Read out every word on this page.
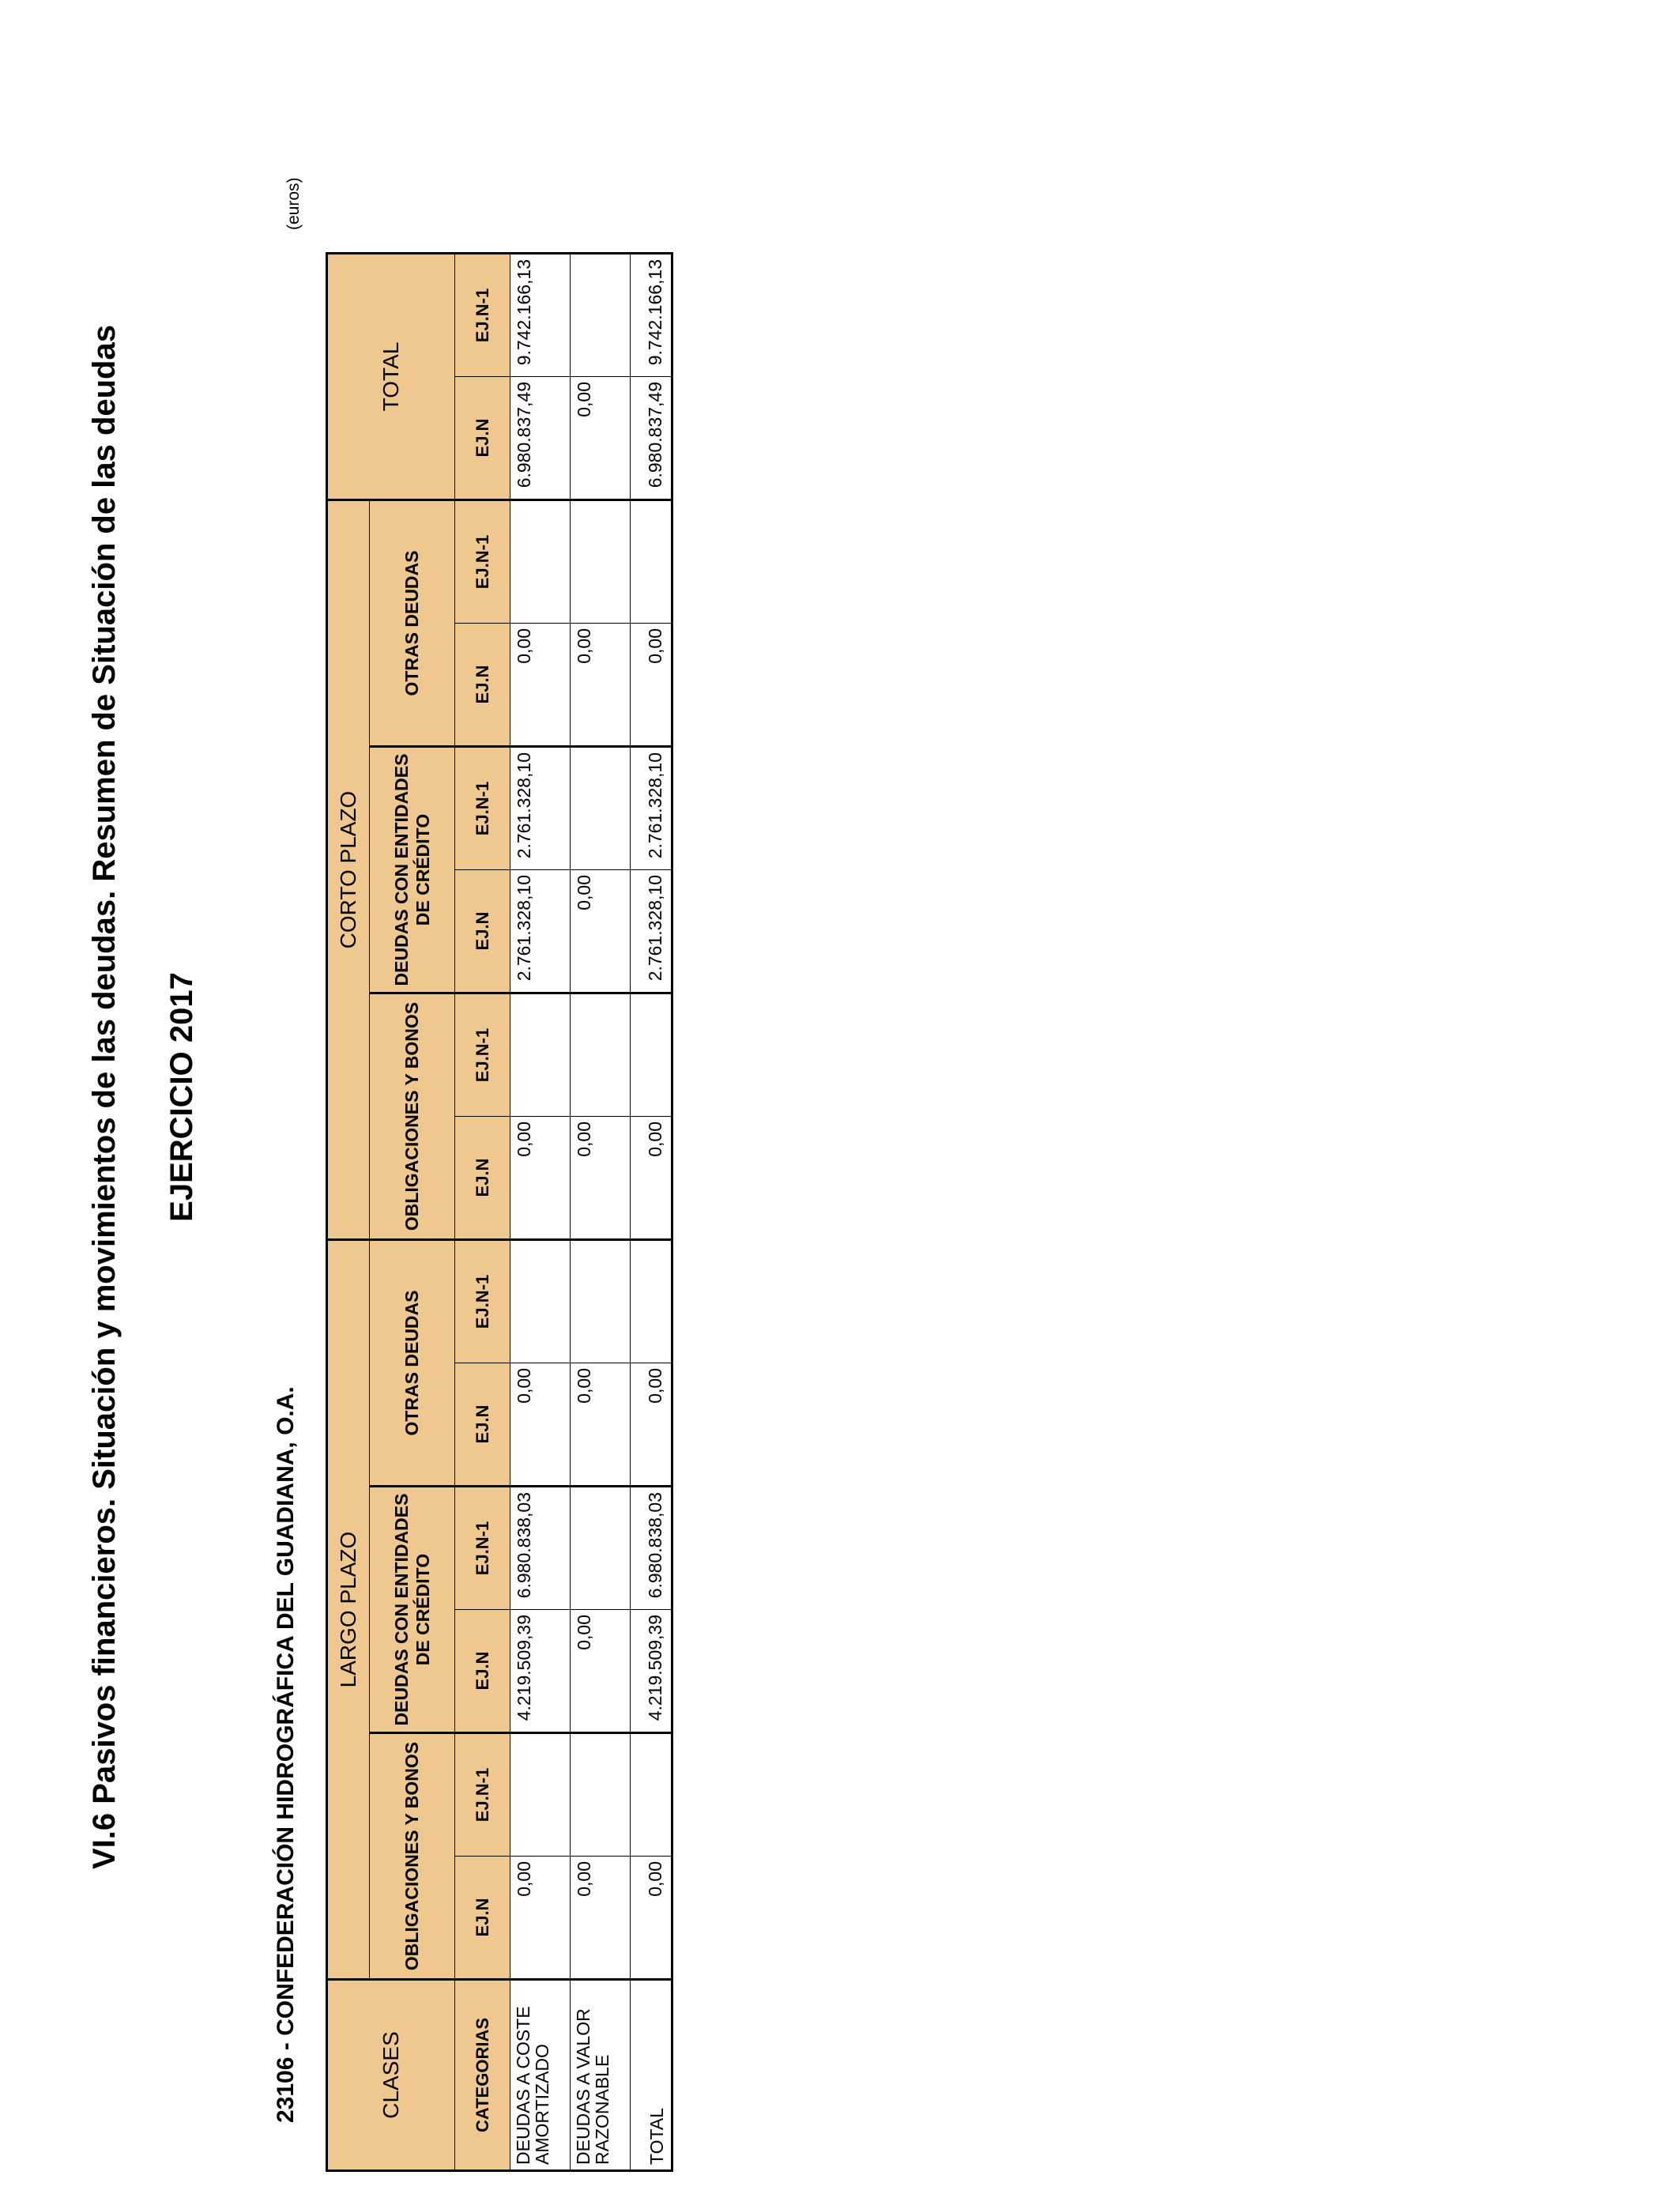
VI.6 Pasivos financieros. Situación y movimientos de las deudas. Resumen de Situación de las deudas EJERCICIO 2017
23106 - CONFEDERACIÓN HIDROGRÁFICA DEL GUADIANA, O.A.
(euros)
CLASES	LARGO PLAZO						CORTO PLAZO						TOTAL	
	OBLIGACIONES Y BONOS		DEUDAS CON ENTIDADES DE CRÉDITO		OTRAS DEUDAS		OBLIGACIONES Y BONOS		DEUDAS CON ENTIDADES DE CRÉDITO		OTRAS DEUDAS			
CATEGORIAS	EJ.N	EJ.N-1	EJ.N	EJ.N-1	EJ.N	EJ.N-1	EJ.N	EJ.N-1	EJ.N	EJ.N-1	EJ.N	EJ.N-1	EJ.N	EJ.N-1
DEUDAS A COSTE AMORTIZADO	0,00		4.219.509,39	6.980.838,03	0,00		0,00		2.761.328,10	2.761.328,10	0,00		6.980.837,49	9.742.166,13
DEUDAS A VALOR RAZONABLE	0,00		0,00		0,00		0,00		0,00		0,00		0,00	
TOTAL	0,00		4.219.509,39	6.980.838,03	0,00		0,00		2.761.328,10	2.761.328,10	0,00		6.980.837,49	9.742.166,13
